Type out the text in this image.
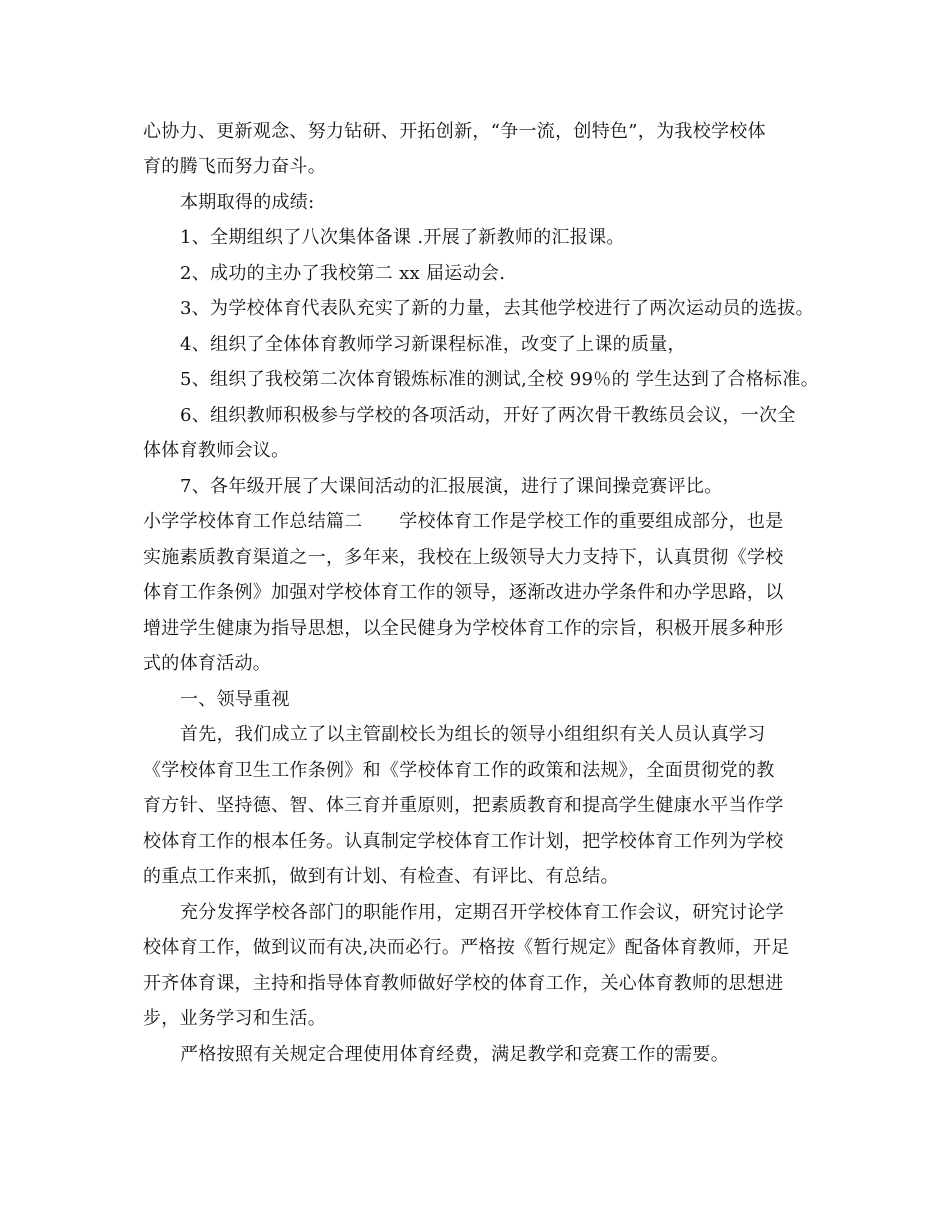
心协力、更新观念、努力钻研、开拓创新，“争一流，创特色”，为我校学校体
育的腾飞而努力奋斗。
本期取得的成绩:
1、全期组织了八次集体备课 .开展了新教师的汇报课。
2、成功的主办了我校第二 xx 届运动会.
3、为学校体育代表队充实了新的力量，去其他学校进行了两次运动员的选拔。
4、组织了全体体育教师学习新课程标准，改变了上课的质量，
5、组织了我校第二次体育锻炼标准的测试,全校 99％的 学生达到了合格标准。
6、组织教师积极参与学校的各项活动，开好了两次骨干教练员会议，一次全
体体育教师会议。
7、各年级开展了大课间活动的汇报展演，进行了课间操竞赛评比。
小学学校体育工作总结篇二　　学校体育工作是学校工作的重要组成部分，也是
实施素质教育渠道之一，多年来，我校在上级领导大力支持下，认真贯彻《学校
体育工作条例》加强对学校体育工作的领导，逐渐改进办学条件和办学思路，以
增进学生健康为指导思想，以全民健身为学校体育工作的宗旨，积极开展多种形
式的体育活动。
一、领导重视
首先，我们成立了以主管副校长为组长的领导小组组织有关人员认真学习
《学校体育卫生工作条例》和《学校体育工作的政策和法规》，全面贯彻党的教
育方针、坚持德、智、体三育并重原则，把素质教育和提高学生健康水平当作学
校体育工作的根本任务。认真制定学校体育工作计划，把学校体育工作列为学校
的重点工作来抓，做到有计划、有检查、有评比、有总结。
充分发挥学校各部门的职能作用，定期召开学校体育工作会议，研究讨论学
校体育工作，做到议而有决,决而必行。严格按《暂行规定》配备体育教师，开足
开齐体育课，主持和指导体育教师做好学校的体育工作，关心体育教师的思想进
步，业务学习和生活。
严格按照有关规定合理使用体育经费，满足教学和竞赛工作的需要。
